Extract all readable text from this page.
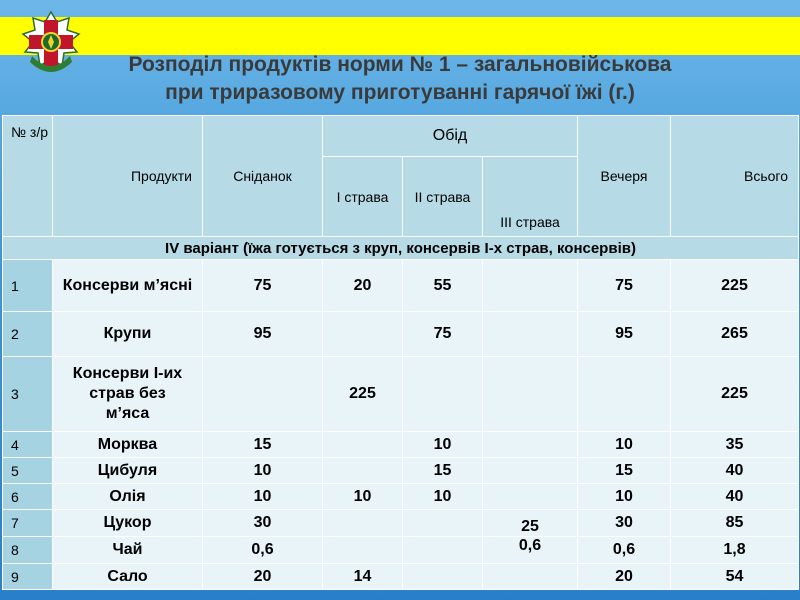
Розподіл продуктів норми № 1 – загальновійськова
при триразовому приготуванні гарячої їжі (г.)
№ з/р	Продукти	Сніданок	Обід			Вечеря	Всього
			I страва	II страва	III страва		
IV варіант (їжа готується з круп, консервів I-х страв, консервів)							
1	Консерви м’ясні	75	20	55		75	225
2	Крупи	95		75		95	265
3	Консерви I-их страв без м’яса		225				225
4	Морква	15		10		10	35
5	Цибуля	10		15		15	40
6	Олія	10	10	10		10	40
7	Цукор	30			25	30	85
8	Чай	0,6			0,6	0,6	1,8
9	Сало	20	14			20	54
